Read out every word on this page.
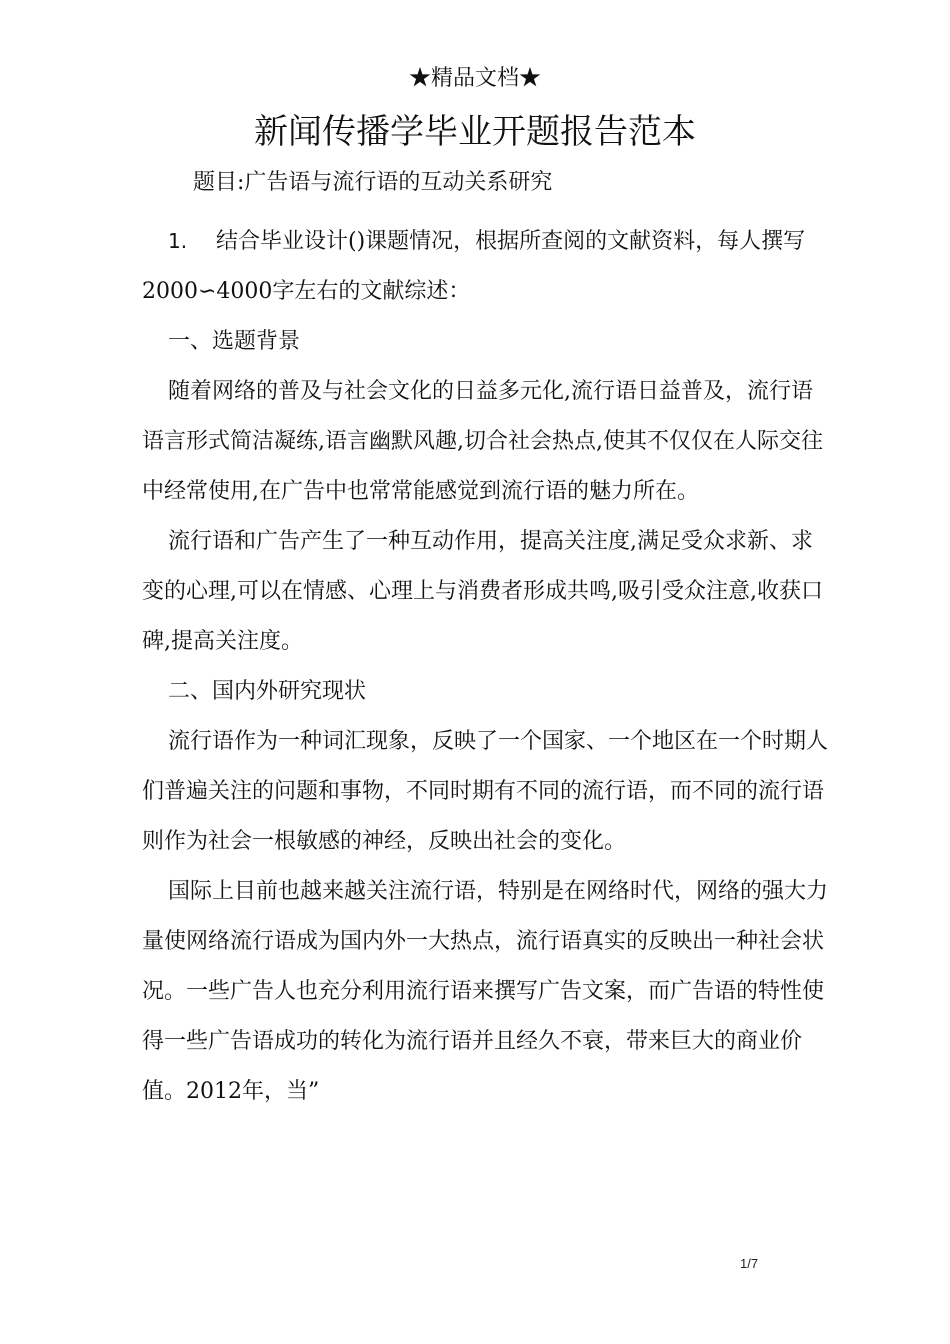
★精品文档★
新闻传播学毕业开题报告范本
题目:广告语与流行语的互动关系研究

1. 结合毕业设计()课题情况，根据所查阅的文献资料，每人撰写2000∽4000字左右的文献综述：

一、选题背景

随着网络的普及与社会文化的日益多元化,流行语日益普及，流行语语言形式简洁凝练,语言幽默风趣,切合社会热点,使其不仅仅在人际交往中经常使用,在广告中也常常能感觉到流行语的魅力所在。

流行语和广告产生了一种互动作用，提高关注度,满足受众求新、求变的心理,可以在情感、心理上与消费者形成共鸣,吸引受众注意,收获口碑,提高关注度。

二、国内外研究现状

流行语作为一种词汇现象，反映了一个国家、一个地区在一个时期人们普遍关注的问题和事物，不同时期有不同的流行语，而不同的流行语则作为社会一根敏感的神经，反映出社会的变化。

国际上目前也越来越关注流行语，特别是在网络时代，网络的强大力量使网络流行语成为国内外一大热点，流行语真实的反映出一种社会状况。一些广告人也充分利用流行语来撰写广告文案，而广告语的特性使得一些广告语成功的转化为流行语并且经久不衰，带来巨大的商业价值。2012年，当”

1/7
